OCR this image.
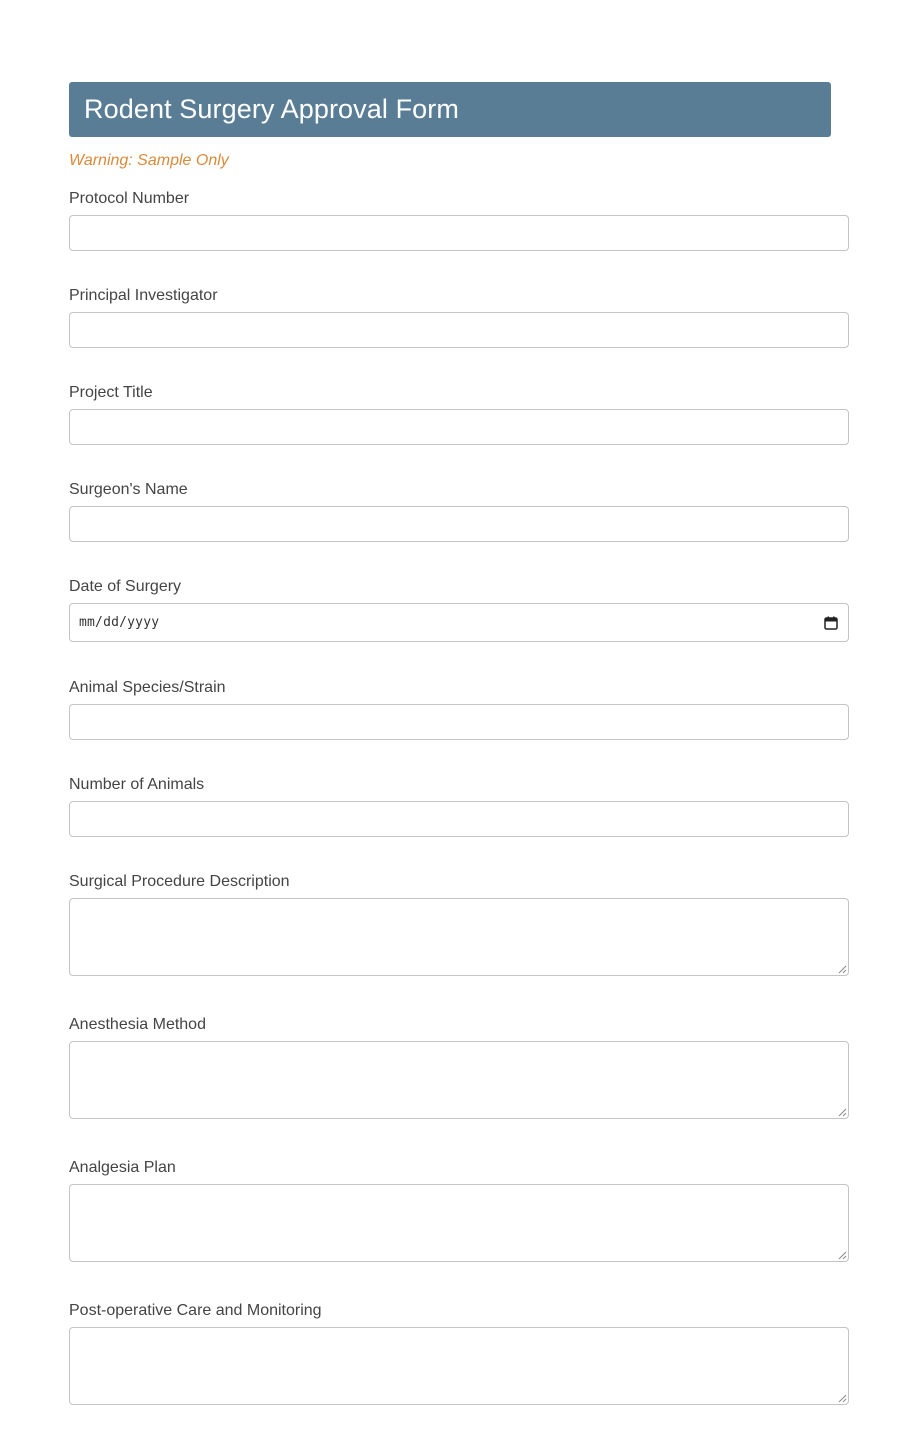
Rodent Surgery Approval Form
Warning: Sample Only
Protocol Number
Principal Investigator
Project Title
Surgeon's Name
Date of Surgery
mm/dd/yyyy
Animal Species/Strain
Number of Animals
Surgical Procedure Description
Anesthesia Method
Analgesia Plan
Post-operative Care and Monitoring
